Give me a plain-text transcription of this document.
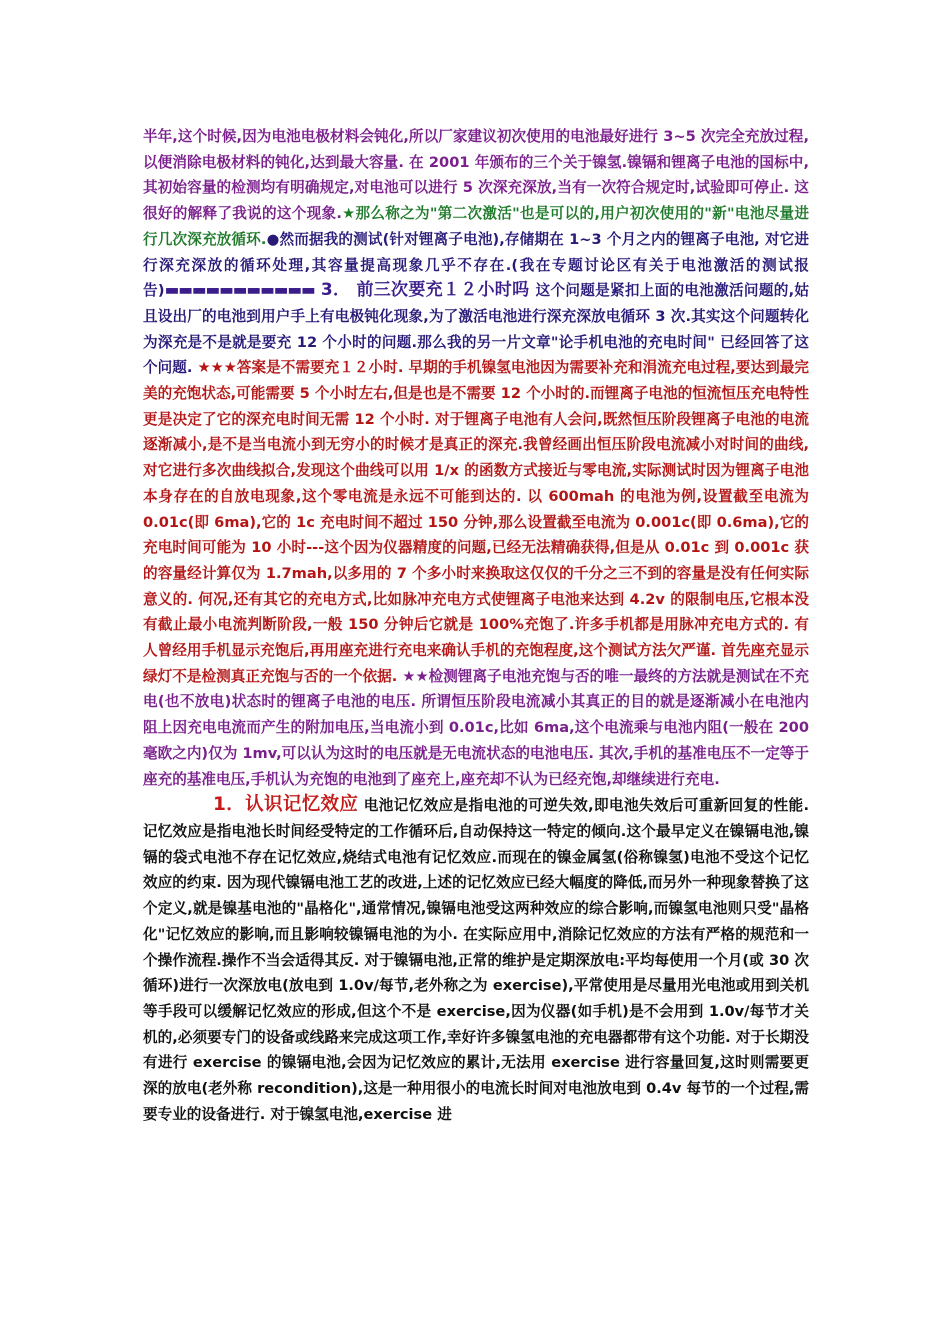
半年,这个时候,因为电池电极材料会钝化,所以厂家建议初次使用的电池最好进行 3~5 次完全充放过程,以便消除电极材料的钝化,达到最大容量. 在 2001 年颁布的三个关于镍氢.镍镉和锂离子电池的国标中,其初始容量的检测均有明确规定,对电池可以进行 5 次深充深放,当有一次符合规定时,试验即可停止. 这很好的解释了我说的这个现象.★那么称之为"第二次激活"也是可以的,用户初次使用的"新"电池尽量进行几次深充放循环.●然而据我的测试(针对锂离子电池),存储期在 1~3 个月之内的锂离子电池, 对它进行深充深放的循环处理,其容量提高现象几乎不存在.(我在专题讨论区有关于电池激活的测试报告)▬▬▬▬▬▬▬▬▬▬▬ 3． 前三次要充１２小时吗 这个问题是紧扣上面的电池激活问题的,姑且设出厂的电池到用户手上有电极钝化现象,为了激活电池进行深充深放电循环 3 次.其实这个问题转化为深充是不是就是要充 12 个小时的问题.那么我的另一片文章"论手机电池的充电时间" 已经回答了这个问题. ★★★答案是不需要充１２小时. 早期的手机镍氢电池因为需要补充和涓流充电过程,要达到最完美的充饱状态,可能需要 5 个小时左右,但是也是不需要 12 个小时的.而锂离子电池的恒流恒压充电特性更是决定了它的深充电时间无需 12 个小时. 对于锂离子电池有人会问,既然恒压阶段锂离子电池的电流逐渐减小,是不是当电流小到无穷小的时候才是真正的深充.我曾经画出恒压阶段电流减小对时间的曲线,对它进行多次曲线拟合,发现这个曲线可以用 1/x 的函数方式接近与零电流,实际测试时因为锂离子电池本身存在的自放电现象,这个零电流是永远不可能到达的. 以 600mah 的电池为例,设置截至电流为 0.01c(即 6ma),它的 1c 充电时间不超过 150 分钟,那么设置截至电流为 0.001c(即 0.6ma),它的充电时间可能为 10 小时---这个因为仪器精度的问题,已经无法精确获得,但是从 0.01c 到 0.001c 获的容量经计算仅为 1.7mah,以多用的 7 个多小时来换取这仅仅的千分之三不到的容量是没有任何实际意义的. 何况,还有其它的充电方式,比如脉冲充电方式使锂离子电池来达到 4.2v 的限制电压,它根本没有截止最小电流判断阶段,一般 150 分钟后它就是 100%充饱了.许多手机都是用脉冲充电方式的. 有人曾经用手机显示充饱后,再用座充进行充电来确认手机的充饱程度,这个测试方法欠严谨. 首先座充显示绿灯不是检测真正充饱与否的一个依据. ★★检测锂离子电池充饱与否的唯一最终的方法就是测试在不充电(也不放电)状态时的锂离子电池的电压. 所谓恒压阶段电流减小其真正的目的就是逐渐减小在电池内阻上因充电电流而产生的附加电压,当电流小到 0.01c,比如 6ma,这个电流乘与电池内阻(一般在 200 毫欧之内)仅为 1mv,可以认为这时的电压就是无电流状态的电池电压. 其次,手机的基准电压不一定等于座充的基准电压,手机认为充饱的电池到了座充上,座充却不认为已经充饱,却继续进行充电.

1．认识记忆效应 电池记忆效应是指电池的可逆失效,即电池失效后可重新回复的性能.记忆效应是指电池长时间经受特定的工作循环后,自动保持这一特定的倾向.这个最早定义在镍镉电池,镍镉的袋式电池不存在记忆效应,烧结式电池有记忆效应.而现在的镍金属氢(俗称镍氢)电池不受这个记忆效应的约束. 因为现代镍镉电池工艺的改进,上述的记忆效应已经大幅度的降低,而另外一种现象替换了这个定义,就是镍基电池的"晶格化",通常情况,镍镉电池受这两种效应的综合影响,而镍氢电池则只受"晶格化"记忆效应的影响,而且影响较镍镉电池的为小. 在实际应用中,消除记忆效应的方法有严格的规范和一个操作流程.操作不当会适得其反. 对于镍镉电池,正常的维护是定期深放电:平均每使用一个月(或 30 次循环)进行一次深放电(放电到 1.0v/每节,老外称之为 exercise),平常使用是尽量用光电池或用到关机等手段可以缓解记忆效应的形成,但这个不是 exercise,因为仪器(如手机)是不会用到 1.0v/每节才关机的,必须要专门的设备或线路来完成这项工作,幸好许多镍氢电池的充电器都带有这个功能. 对于长期没有进行 exercise 的镍镉电池,会因为记忆效应的累计,无法用 exercise 进行容量回复,这时则需要更深的放电(老外称 recondition),这是一种用很小的电流长时间对电池放电到 0.4v 每节的一个过程,需要专业的设备进行. 对于镍氢电池,exercise 进
